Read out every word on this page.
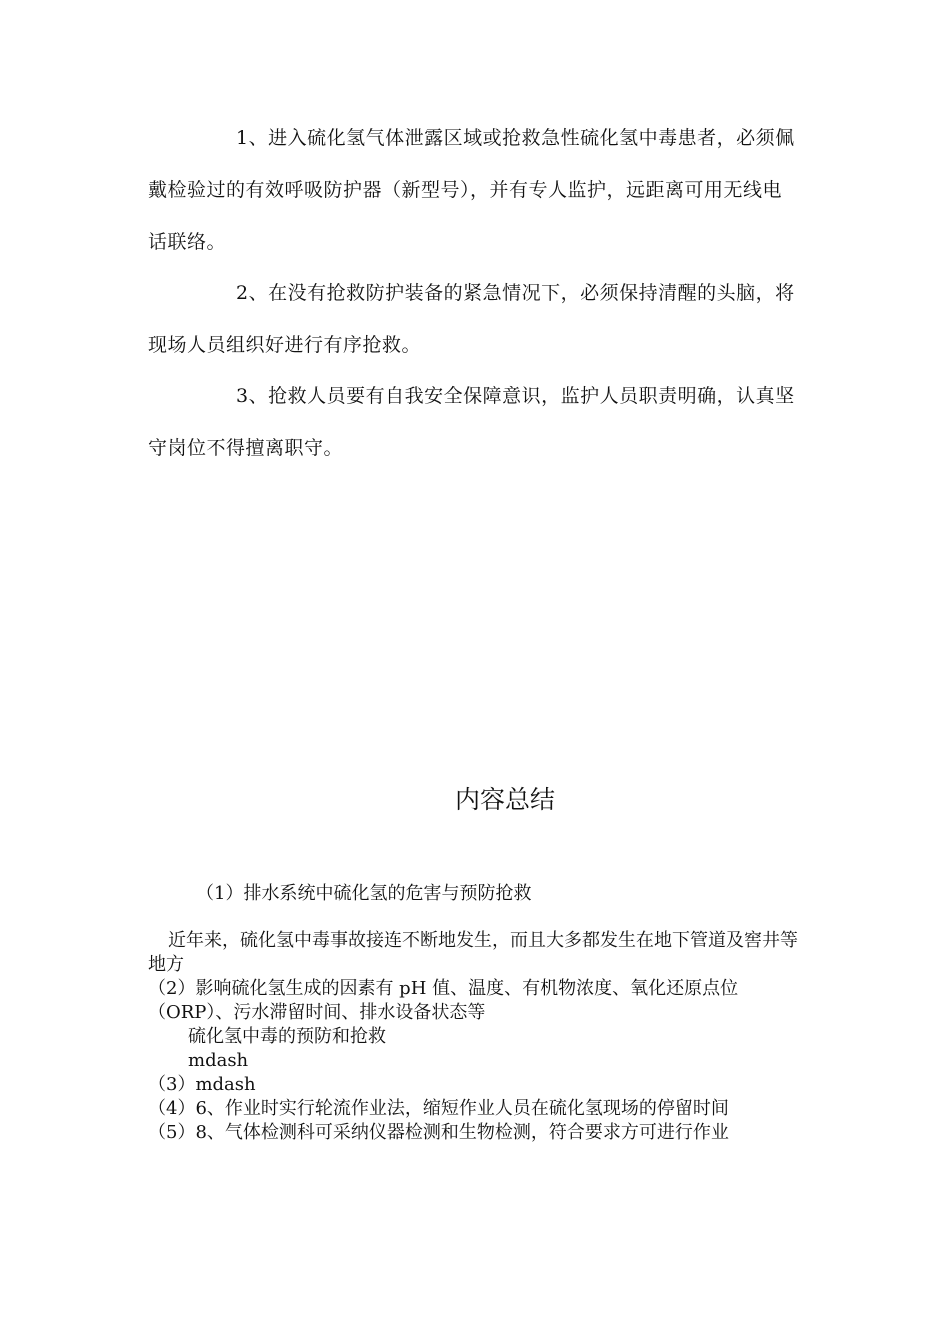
1、进入硫化氢气体泄露区域或抢救急性硫化氢中毒患者，必须佩戴检验过的有效呼吸防护器（新型号），并有专人监护，远距离可用无线电话联络。

2、在没有抢救防护装备的紧急情况下，必须保持清醒的头脑，将现场人员组织好进行有序抢救。

3、抢救人员要有自我安全保障意识，监护人员职责明确，认真坚守岗位不得擅离职守。

内容总结

（1）排水系统中硫化氢的危害与预防抢救

近年来，硫化氢中毒事故接连不断地发生，而且大多都发生在地下管道及窖井等地方
（2）影响硫化氢生成的因素有 pH 值、温度、有机物浓度、氧化还原点位（ORP）、污水滞留时间、排水设备状态等
硫化氢中毒的预防和抢救
mdash
（3）mdash
（4）6、作业时实行轮流作业法，缩短作业人员在硫化氢现场的停留时间
（5）8、气体检测科可采纳仪器检测和生物检测，符合要求方可进行作业
